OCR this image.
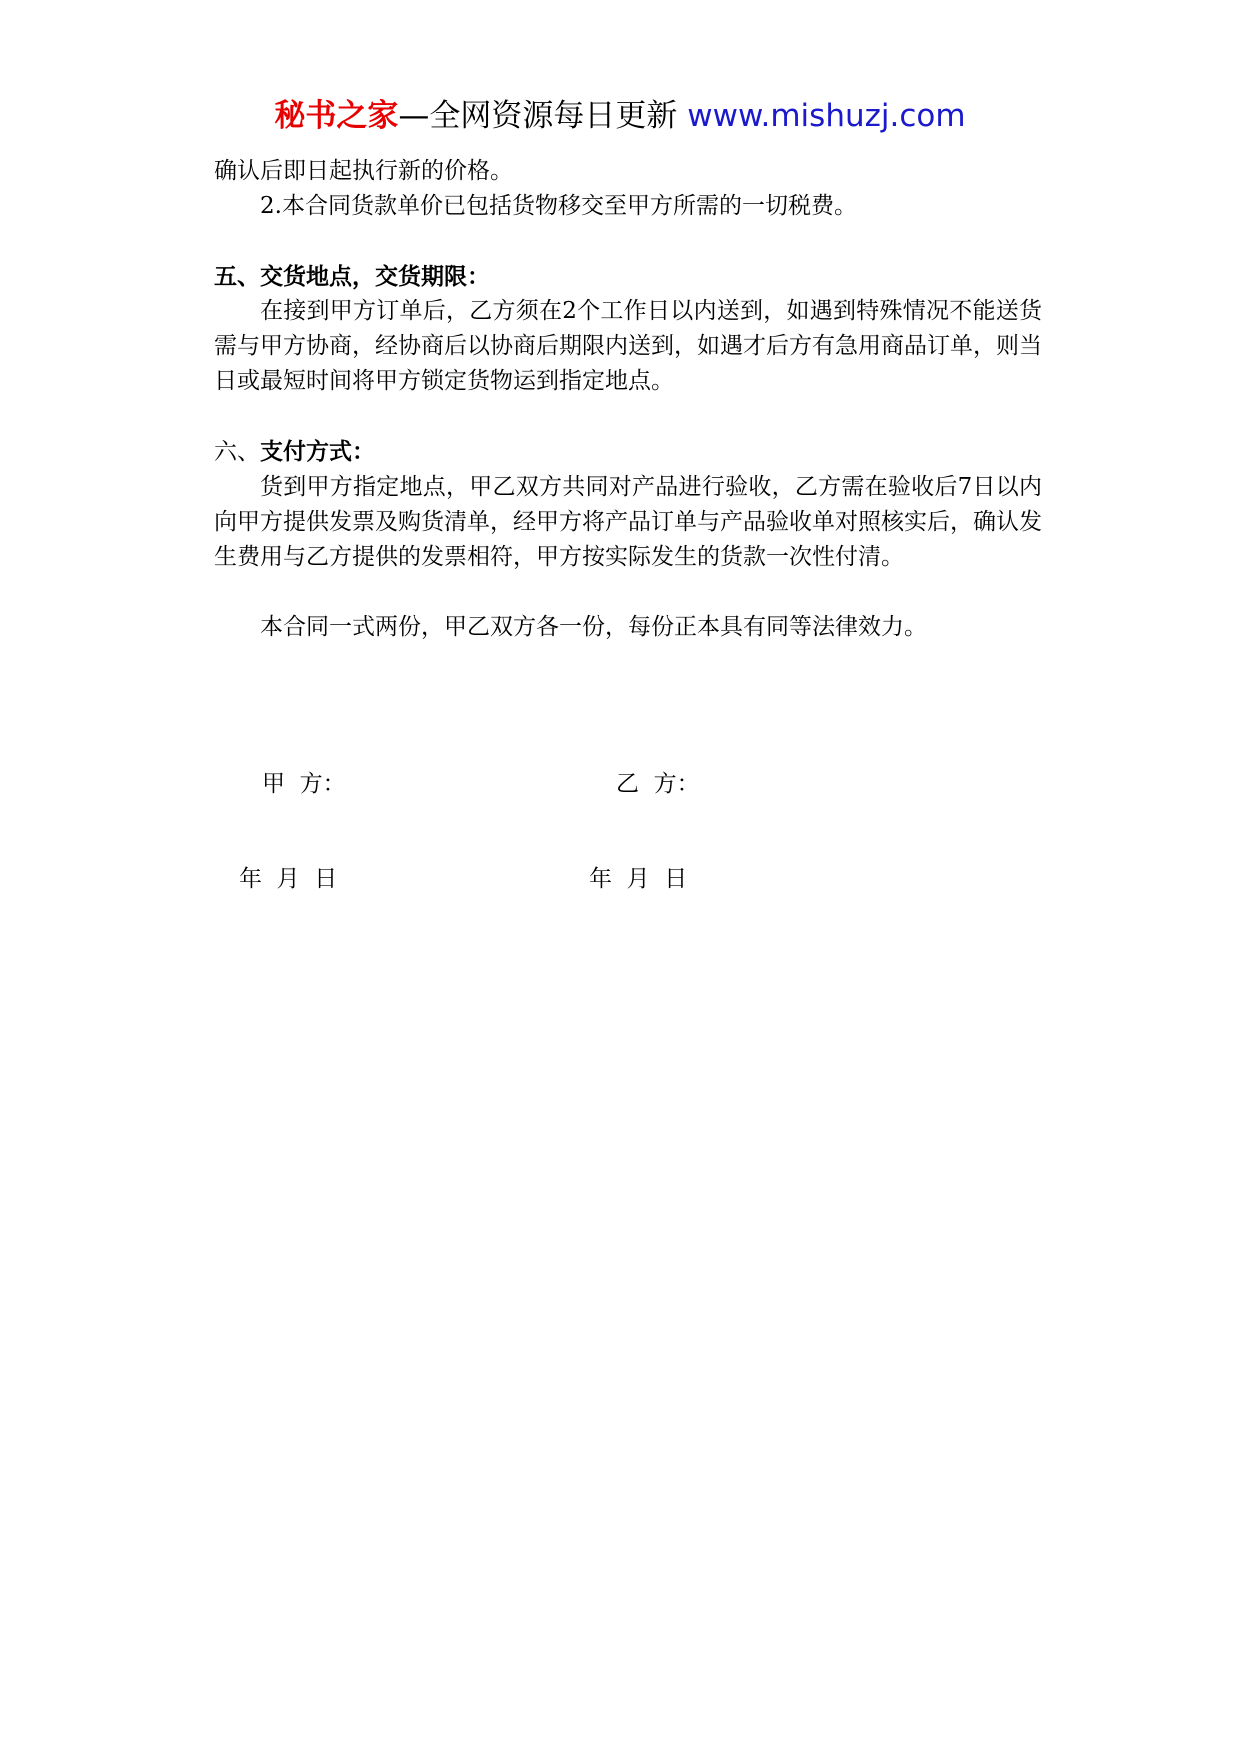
秘书之家—全网资源每日更新 www.mishuzj.com

确认后即日起执行新的价格。

2.本合同货款单价已包括货物移交至甲方所需的一切税费。

五、交货地点，交货期限：

在接到甲方订单后，乙方须在2个工作日以内送到，如遇到特殊情况不能送货需与甲方协商，经协商后以协商后期限内送到，如遇才后方有急用商品订单，则当日或最短时间将甲方锁定货物运到指定地点。

六、支付方式：

货到甲方指定地点，甲乙双方共同对产品进行验收，乙方需在验收后7日以内向甲方提供发票及购货清单，经甲方将产品订单与产品验收单对照核实后，确认发生费用与乙方提供的发票相符，甲方按实际发生的货款一次性付清。

本合同一式两份，甲乙双方各一份，每份正本具有同等法律效力。

甲  方：	乙  方：
年  月  日	年  月  日
